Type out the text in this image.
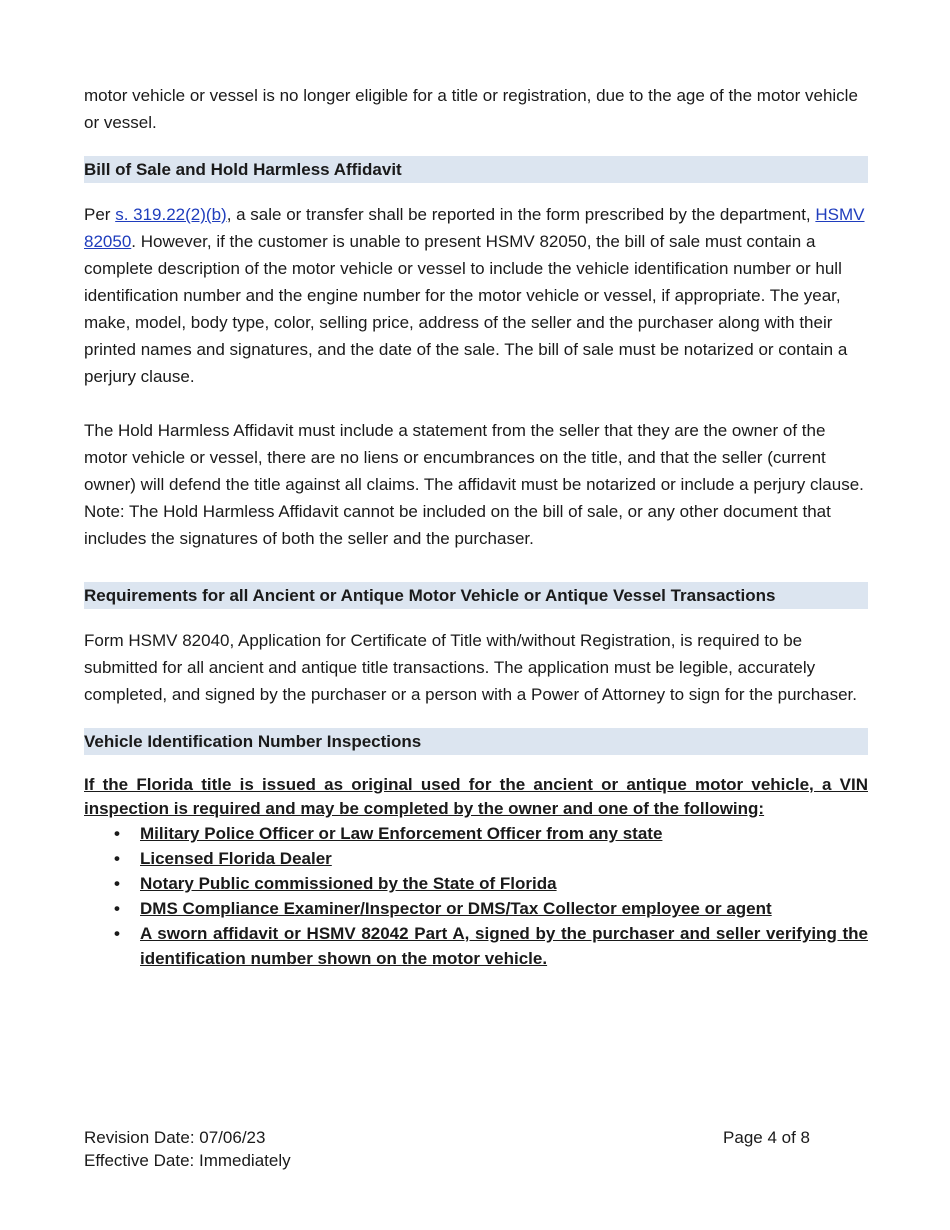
motor vehicle or vessel is no longer eligible for a title or registration, due to the age of the motor vehicle or vessel.

Bill of Sale and Hold Harmless Affidavit

Per s. 319.22(2)(b), a sale or transfer shall be reported in the form prescribed by the department, HSMV 82050. However, if the customer is unable to present HSMV 82050, the bill of sale must contain a complete description of the motor vehicle or vessel to include the vehicle identification number or hull identification number and the engine number for the motor vehicle or vessel, if appropriate. The year, make, model, body type, color, selling price, address of the seller and the purchaser along with their printed names and signatures, and the date of the sale. The bill of sale must be notarized or contain a perjury clause.

The Hold Harmless Affidavit must include a statement from the seller that they are the owner of the motor vehicle or vessel, there are no liens or encumbrances on the title, and that the seller (current owner) will defend the title against all claims. The affidavit must be notarized or include a perjury clause.

Note: The Hold Harmless Affidavit cannot be included on the bill of sale, or any other document that includes the signatures of both the seller and the purchaser.

Requirements for all Ancient or Antique Motor Vehicle or Antique Vessel Transactions

Form HSMV 82040, Application for Certificate of Title with/without Registration, is required to be submitted for all ancient and antique title transactions. The application must be legible, accurately completed, and signed by the purchaser or a person with a Power of Attorney to sign for the purchaser.

Vehicle Identification Number Inspections
If the Florida title is issued as original used for the ancient or antique motor vehicle, a VIN inspection is required and may be completed by the owner and one of the following:
• Military Police Officer or Law Enforcement Officer from any state
• Licensed Florida Dealer
• Notary Public commissioned by the State of Florida
• DMS Compliance Examiner/Inspector or DMS/Tax Collector employee or agent
• A sworn affidavit or HSMV 82042 Part A, signed by the purchaser and seller verifying the identification number shown on the motor vehicle.
Revision Date: 07/06/23
Effective Date: Immediately
Page 4 of 8
